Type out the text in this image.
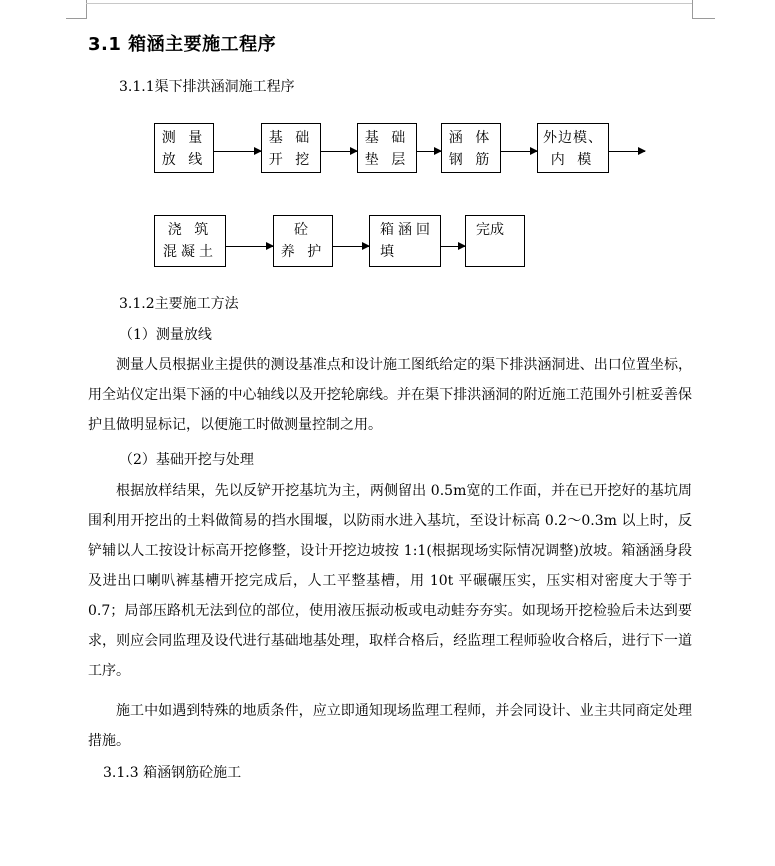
3.1 箱涵主要施工程序
3.1.1渠下排洪涵洞施工程序
测 量
放 线
基 础
开 挖
基 础
垫 层
涵 体
钢 筋
外边模、
内 模
浇 筑
混凝土
砼
养 护
箱涵回
填
完成
3.1.2主要施工方法
（1）测量放线

测量人员根据业主提供的测设基准点和设计施工图纸给定的渠下排洪涵洞进、出口位置坐标，用全站仪定出渠下涵的中心轴线以及开挖轮廓线。并在渠下排洪涵洞的附近施工范围外引桩妥善保护且做明显标记，以便施工时做测量控制之用。

（2）基础开挖与处理

根据放样结果，先以反铲开挖基坑为主，两侧留出 0.5m宽的工作面，并在已开挖好的基坑周围利用开挖出的土料做简易的挡水围堰，以防雨水进入基坑，至设计标高 0.2～0.3m 以上时，反铲辅以人工按设计标高开挖修整，设计开挖边坡按 1:1(根据现场实际情况调整)放坡。箱涵涵身段及进出口喇叭裤基槽开挖完成后，人工平整基槽，用 10t 平碾碾压实，压实相对密度大于等于 0.7；局部压路机无法到位的部位，使用液压振动板或电动蛙夯夯实。如现场开挖检验后未达到要求，则应会同监理及设代进行基础地基处理，取样合格后，经监理工程师验收合格后，进行下一道工序。

施工中如遇到特殊的地质条件，应立即通知现场监理工程师，并会同设计、业主共同商定处理措施。

3.1.3 箱涵钢筋砼施工
